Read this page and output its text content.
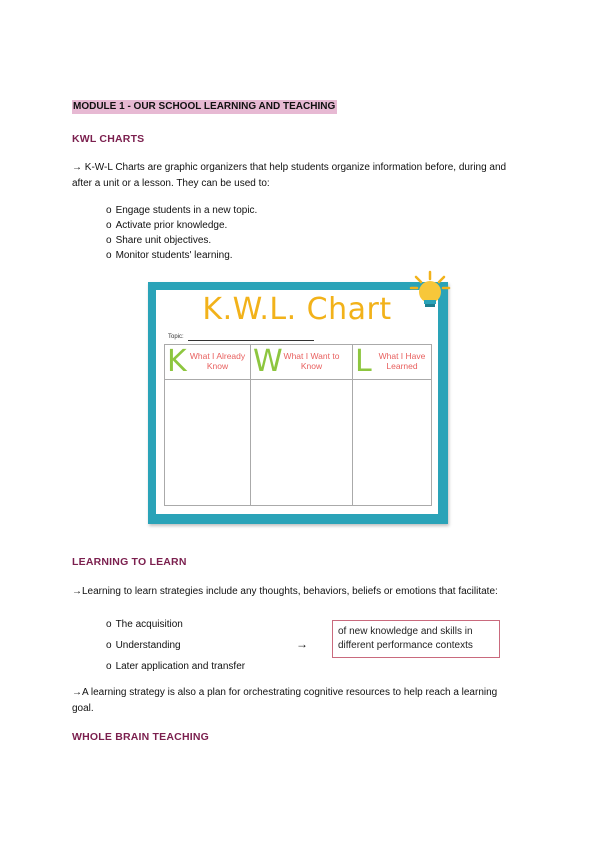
MODULE 1 - OUR SCHOOL LEARNING AND TEACHING
KWL CHARTS
→ K-W-L Charts are graphic organizers that help students organize information before, during and after a unit or a lesson. They can be used to:
o Engage students in a new topic.
o Activate prior knowledge.
o Share unit objectives.
o Monitor students' learning.
K.W.L. Chart
Topic:
K What I Already Know W What I Want to Know	L What I Have Learned
LEARNING TO LEARN
→Learning to learn strategies include any thoughts, behaviors, beliefs or emotions that facilitate:
o The acquisition
o Understanding
o Later application and transfer
→
of new knowledge and skills in different performance contexts
→A learning strategy is also a plan for orchestrating cognitive resources to help reach a learning goal.
WHOLE BRAIN TEACHING
